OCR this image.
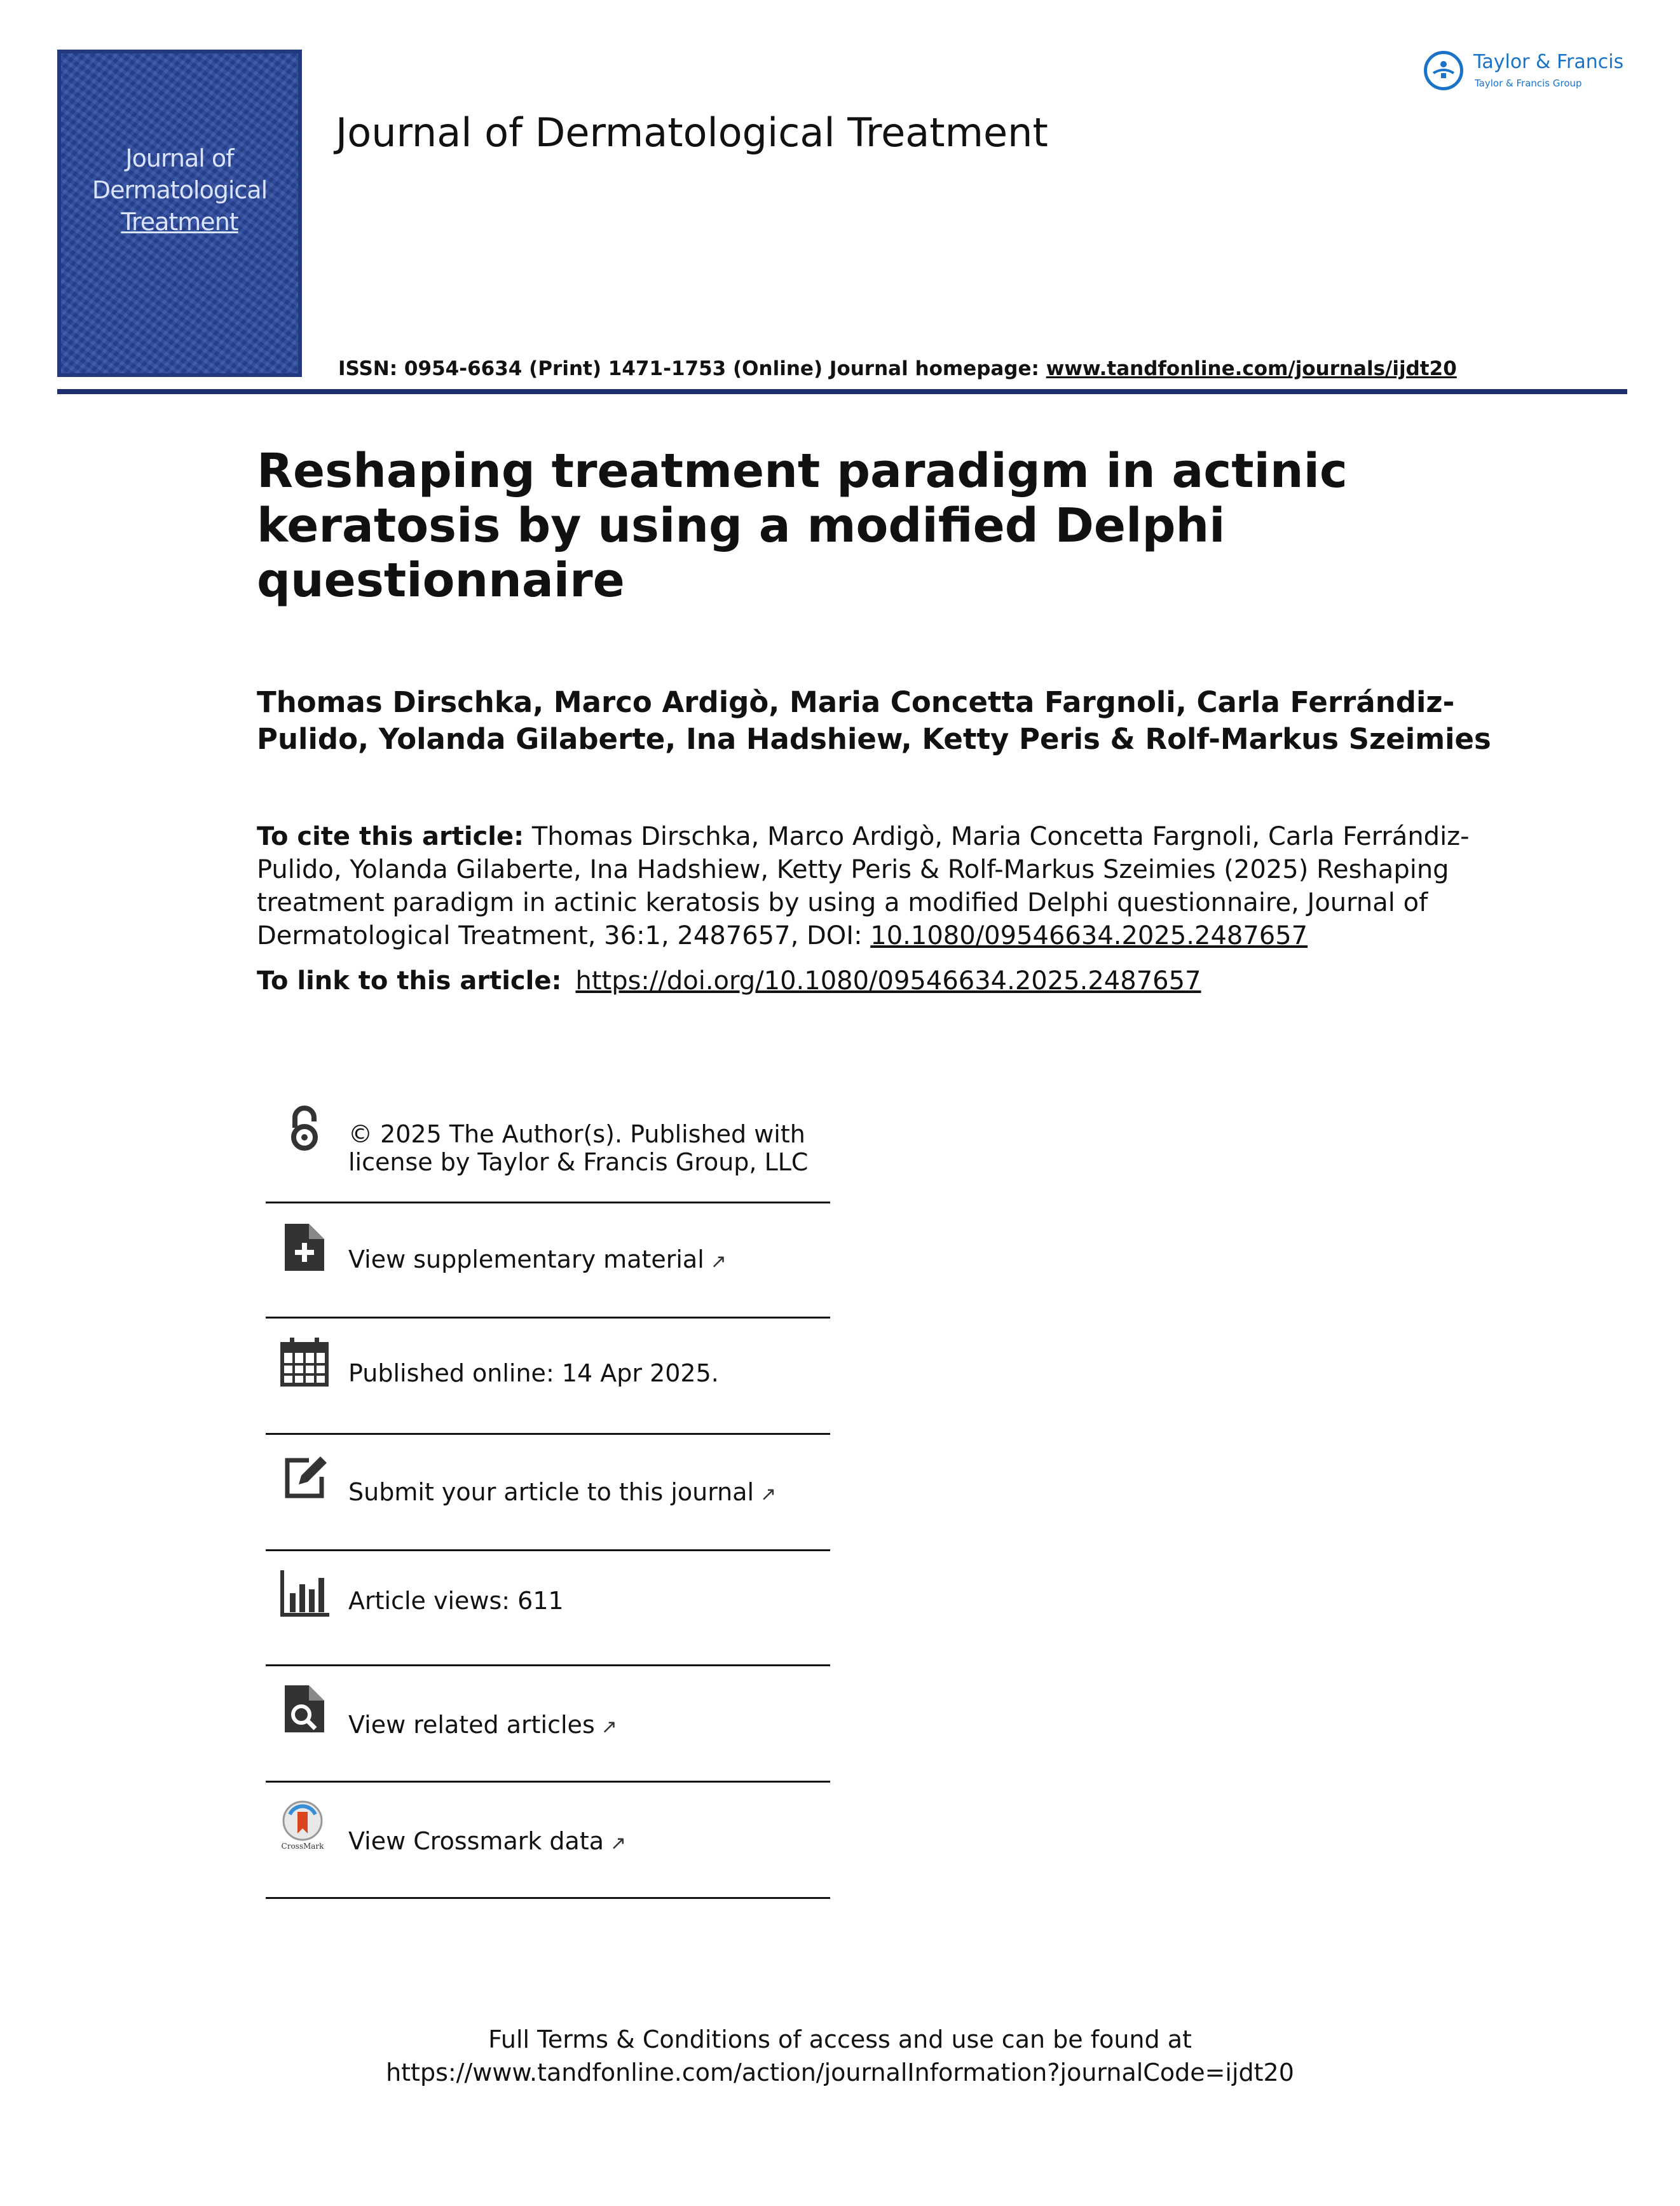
Journal of
Dermatological
Treatment
Journal of Dermatological Treatment
Taylor & Francis
Taylor & Francis Group
ISSN: 0954-6634 (Print) 1471-1753 (Online) Journal homepage: www.tandfonline.com/journals/ijdt20
Reshaping treatment paradigm in actinic keratosis by using a modified Delphi questionnaire
Thomas Dirschka, Marco Ardigò, Maria Concetta Fargnoli, Carla Ferrándiz-Pulido, Yolanda Gilaberte, Ina Hadshiew, Ketty Peris & Rolf-Markus Szeimies
To cite this article: Thomas Dirschka, Marco Ardigò, Maria Concetta Fargnoli, Carla Ferrándiz-Pulido, Yolanda Gilaberte, Ina Hadshiew, Ketty Peris & Rolf-Markus Szeimies (2025) Reshaping treatment paradigm in actinic keratosis by using a modified Delphi questionnaire, Journal of Dermatological Treatment, 36:1, 2487657, DOI: 10.1080/09546634.2025.2487657
To link to this article: https://doi.org/10.1080/09546634.2025.2487657
© 2025 The Author(s). Published with
license by Taylor & Francis Group, LLC
View supplementary material ↗
Published online: 14 Apr 2025.
Submit your article to this journal ↗
Article views: 611
View related articles ↗
CrossMark View Crossmark data ↗
Full Terms & Conditions of access and use can be found at
https://www.tandfonline.com/action/journalInformation?journalCode=ijdt20
